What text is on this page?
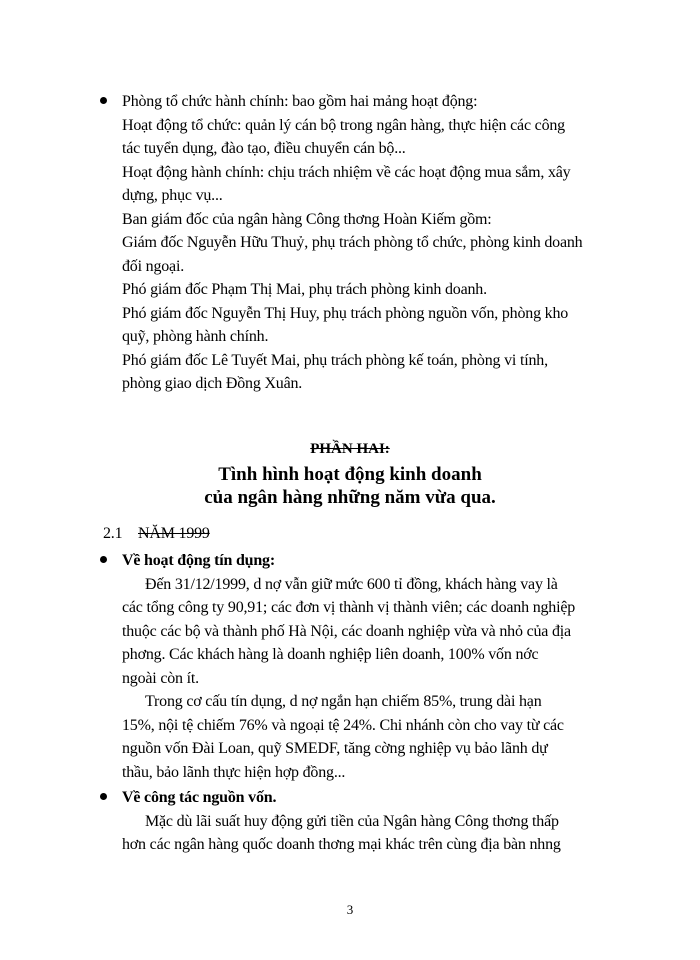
Phòng tổ chức hành chính: bao gồm hai mảng hoạt động:
Hoạt động tổ chức: quản lý cán bộ trong ngân hàng, thực hiện các công
tác tuyển dụng, đào tạo, điều chuyển cán bộ...
Hoạt động hành chính: chịu trách nhiệm về các hoạt động mua sắm, xây
dựng, phục vụ...
Ban giám đốc của ngân hàng Công thơng Hoàn Kiếm gồm:
Giám đốc Nguyễn Hữu Thuỷ, phụ trách phòng tổ chức, phòng kinh doanh
đối ngoại.
Phó giám đốc Phạm Thị Mai, phụ trách phòng kinh doanh.
Phó giám đốc Nguyễn Thị Huy, phụ trách phòng nguồn vốn, phòng kho
quỹ, phòng hành chính.
Phó giám đốc Lê Tuyết Mai, phụ trách phòng kế toán, phòng vi tính,
phòng giao dịch Đồng Xuân.
PHẦN HAI:
Tình hình hoạt động kinh doanh
của ngân hàng những năm vừa qua.
2.1 NĂM 1999
Về hoạt động tín dụng:
Đến 31/12/1999, d nợ vẫn giữ mức 600 tỉ đồng, khách hàng vay là
các tổng công ty 90,91; các đơn vị thành vị thành viên; các doanh nghiệp
thuộc các bộ và thành phố Hà Nội, các doanh nghiệp vừa và nhỏ của địa
phơng. Các khách hàng là doanh nghiệp liên doanh, 100% vốn nớc
ngoài còn ít.
Trong cơ cấu tín dụng, d nợ ngắn hạn chiếm 85%, trung dài hạn
15%, nội tệ chiếm 76% và ngoại tệ 24%. Chi nhánh còn cho vay từ các
nguồn vốn Đài Loan, quỹ SMEDF, tăng cờng nghiệp vụ bảo lãnh dự
thầu, bảo lãnh thực hiện hợp đồng...
Về công tác nguồn vốn.
Mặc dù lãi suất huy động gửi tiền của Ngân hàng Công thơng thấp
hơn các ngân hàng quốc doanh thơng mại khác trên cùng địa bàn nhng
3
